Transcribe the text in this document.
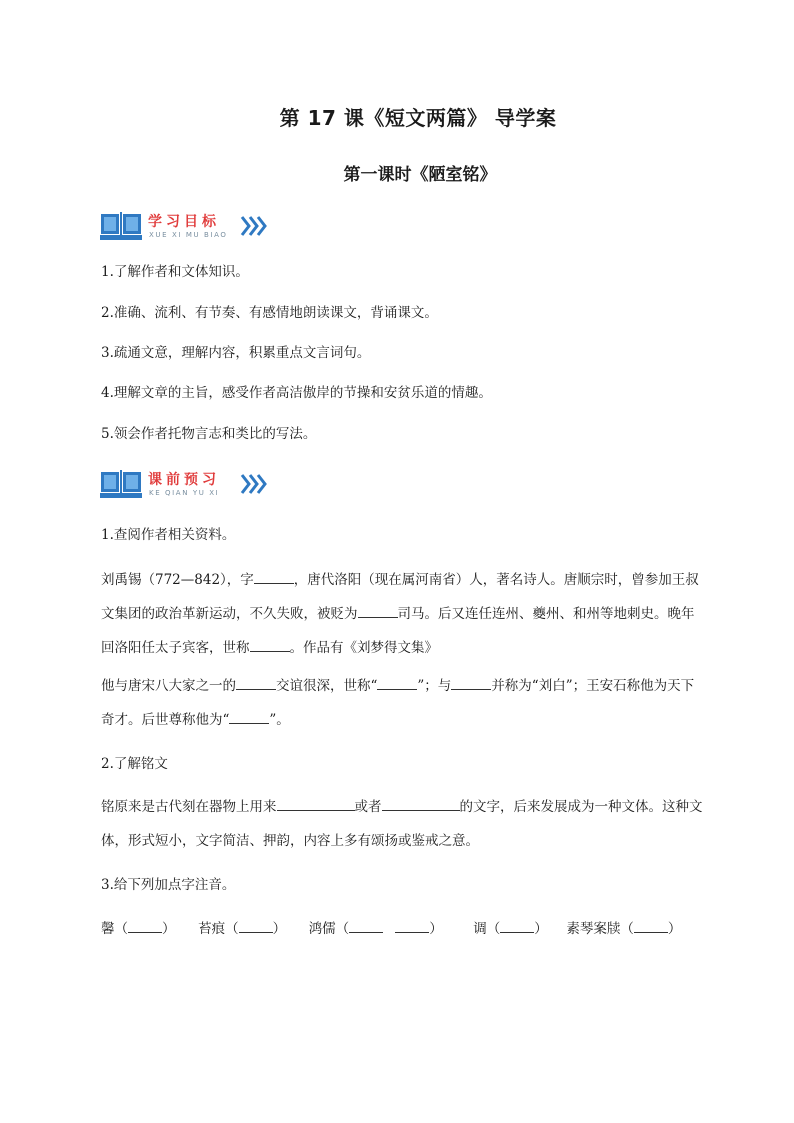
第 17 课《短文两篇》 导学案
第一课时《陋室铭》
学习目标
XUE XI MU BIAO
1.了解作者和文体知识。
2.准确、流利、有节奏、有感情地朗读课文，背诵课文。
3.疏通文意，理解内容，积累重点文言词句。
4.理解文章的主旨，感受作者高洁傲岸的节操和安贫乐道的情趣。
5.领会作者托物言志和类比的写法。
课前预习
KE QIAN YU XI
1.查阅作者相关资料。
刘禹锡（772—842），字	，唐代洛阳（现在属河南省）人，著名诗人。唐顺宗时，曾参加王叔文集团的政治革新运动，不久失败，被贬为	司马。后又连任连州、夔州、和州等地刺史。晚年回洛阳任太子宾客，世称	。作品有《刘梦得文集》
他与唐宋八大家之一的	交谊很深，世称“	”；与	并称为“刘白”；王安石称他为天下奇才。后世尊称他为“	”。
2.了解铭文
铭原来是古代刻在器物上用来	或者	的文字，后来发展成为一种文体。这种文体，形式短小，文字简洁、押韵，内容上多有颂扬或鉴戒之意。
3.给下列加点字注音。
馨（	） 苔痕（	） 鸿儒（	） 调（	） 素琴案牍（	）
